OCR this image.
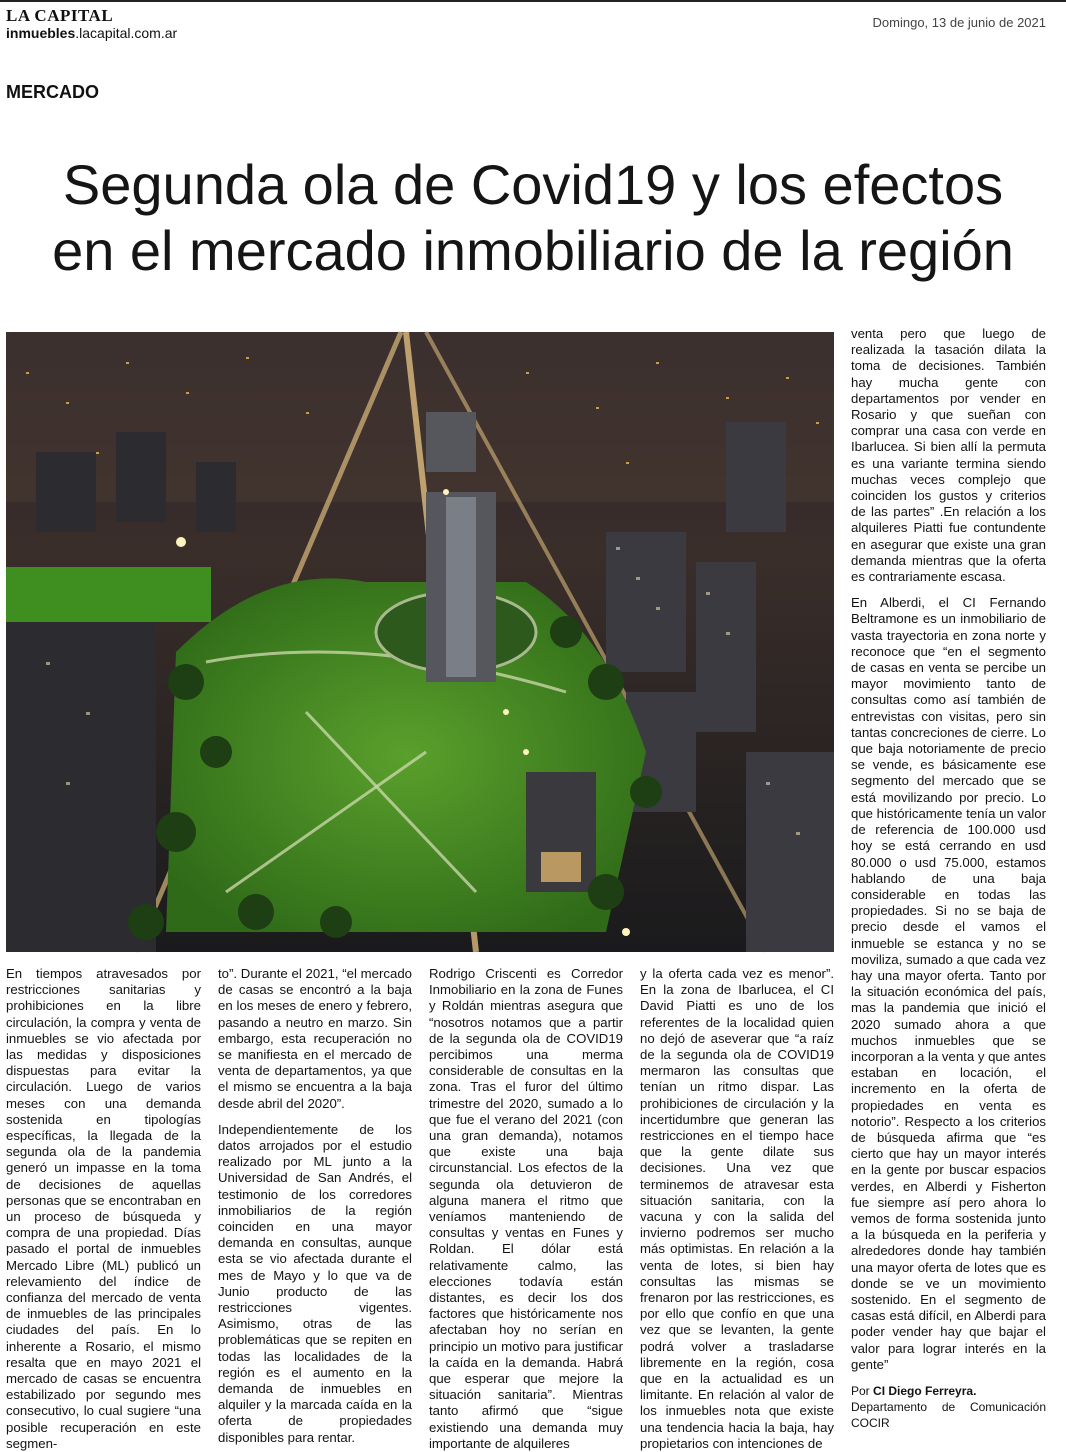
LA CAPITAL
inmuebles.lacapital.com.ar
Domingo, 13 de junio de 2021
MERCADO
Segunda ola de Covid19 y los efectos
en el mercado inmobiliario de la región

En tiempos atravesados por restricciones sanitarias y prohibiciones en la libre circulación, la compra y venta de inmuebles se vio afectada por las medidas y disposiciones dispuestas para evitar la circulación. Luego de varios meses con una demanda sostenida en tipologías específicas, la llegada de la segunda ola de la pandemia generó un impasse en la toma de decisiones de aquellas personas que se encontraban en un proceso de búsqueda y compra de una propiedad. Días pasado el portal de inmuebles Mercado Libre (ML) publicó un relevamiento del índice de confianza del mercado de venta de inmuebles de las principales ciudades del país. En lo inherente a Rosario, el mismo resalta que en mayo 2021 el mercado de casas se encuentra estabilizado por segundo mes consecutivo, lo cual sugiere “una posible recuperación en este segmen-

to”. Durante el 2021, “el mercado de casas se encontró a la baja en los meses de enero y febrero, pasando a neutro en marzo. Sin embargo, esta recuperación no se manifiesta en el mercado de venta de departamentos, ya que el mismo se encuentra a la baja desde abril del 2020”.

Independientemente de los datos arrojados por el estudio realizado por ML junto a la Universidad de San Andrés, el testimonio de los corredores inmobiliarios de la región coinciden en una mayor demanda en consultas, aunque esta se vio afectada durante el mes de Mayo y lo que va de Junio producto de las restricciones vigentes. Asimismo, otras de las problemáticas que se repiten en todas las localidades de la región es el aumento en la demanda de inmuebles en alquiler y la marcada caída en la oferta de propiedades disponibles para rentar.

Rodrigo Criscenti es Corredor Inmobiliario en la zona de Funes y Roldán mientras asegura que “nosotros notamos que a partir de la segunda ola de COVID19 percibimos una merma considerable de consultas en la zona. Tras el furor del último trimestre del 2020, sumado a lo que fue el verano del 2021 (con una gran demanda), notamos que existe una baja circunstancial. Los efectos de la segunda ola detuvieron de alguna manera el ritmo que veníamos manteniendo de consultas y ventas en Funes y Roldan. El dólar está relativamente calmo, las elecciones todavía están distantes, es decir los dos factores que históricamente nos afectaban hoy no serían en principio un motivo para justificar la caída en la demanda. Habrá que esperar que mejore la situación sanitaria”. Mientras tanto afirmó que “sigue existiendo una demanda muy importante de alquileres

y la oferta cada vez es menor”. En la zona de Ibarlucea, el CI David Piatti es uno de los referentes de la localidad quien no dejó de aseverar que “a raíz de la segunda ola de COVID19 mermaron las consultas que tenían un ritmo dispar. Las prohibiciones de circulación y la incertidumbre que generan las restricciones en el tiempo hace que la gente dilate sus decisiones. Una vez que terminemos de atravesar esta situación sanitaria, con la vacuna y con la salida del invierno podremos ser mucho más optimistas. En relación a la venta de lotes, si bien hay consultas las mismas se frenaron por las restricciones, es por ello que confío en que una vez que se levanten, la gente podrá volver a trasladarse libremente en la región, cosa que en la actualidad es un limitante. En relación al valor de los inmuebles nota que existe una tendencia hacia la baja, hay propietarios con intenciones de

venta pero que luego de realizada la tasación dilata la toma de decisiones. También hay mucha gente con departamentos por vender en Rosario y que sueñan con comprar una casa con verde en Ibarlucea. Si bien allí la permuta es una variante termina siendo muchas veces complejo que coinciden los gustos y criterios de las partes” .En relación a los alquileres Piatti fue contundente en asegurar que existe una gran demanda mientras que la oferta es contrariamente escasa.

En Alberdi, el CI Fernando Beltramone es un inmobiliario de vasta trayectoria en zona norte y reconoce que “en el segmento de casas en venta se percibe un mayor movimiento tanto de consultas como así también de entrevistas con visitas, pero sin tantas concreciones de cierre. Lo que baja notoriamente de precio se vende, es básicamente ese segmento del mercado que se está movilizando por precio. Lo que históricamente tenía un valor de referencia de 100.000 usd hoy se está cerrando en usd 80.000 o usd 75.000, estamos hablando de una baja considerable en todas las propiedades. Si no se baja de precio desde el vamos el inmueble se estanca y no se moviliza, sumado a que cada vez hay una mayor oferta. Tanto por la situación económica del país, mas la pandemia que inició el 2020 sumado ahora a que muchos inmuebles que se incorporan a la venta y que antes estaban en locación, el incremento en la oferta de propiedades en venta es notorio”. Respecto a los criterios de búsqueda afirma que “es cierto que hay un mayor interés en la gente por buscar espacios verdes, en Alberdi y Fisherton fue siempre así pero ahora lo vemos de forma sostenida junto a la búsqueda en la periferia y alrededores donde hay también una mayor oferta de lotes que es donde se ve un movimiento sostenido. En el segmento de casas está difícil, en Alberdi para poder vender hay que bajar el valor para lograr interés en la gente”

Por CI Diego Ferreyra.
Departamento de Comunicación COCIR
